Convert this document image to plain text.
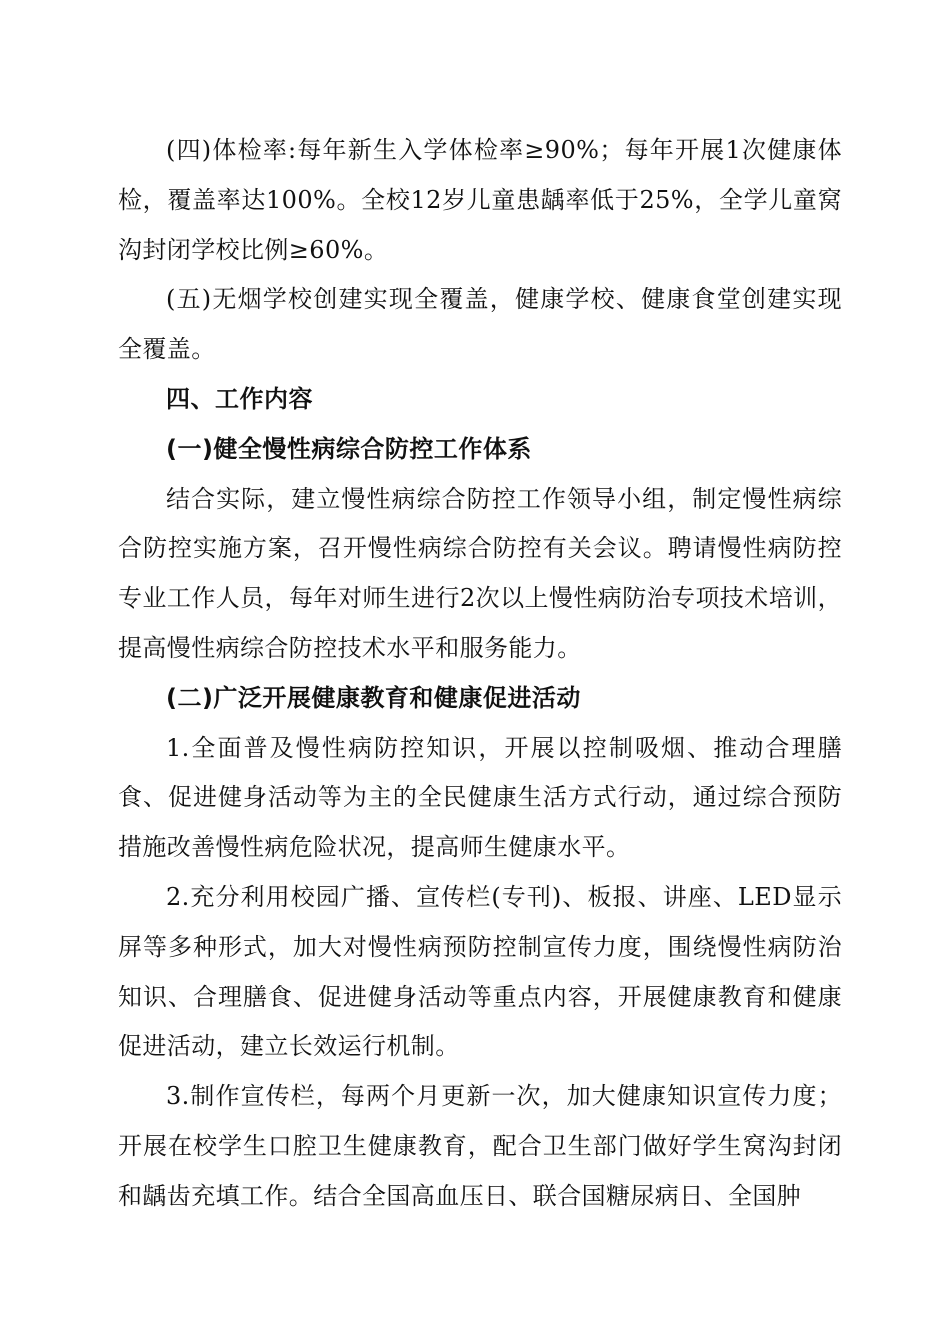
(四)体检率:每年新生入学体检率≥90%；每年开展1次健康体检，覆盖率达100%。全校12岁儿童患龋率低于25%，全学儿童窝沟封闭学校比例≥60%。

(五)无烟学校创建实现全覆盖，健康学校、健康食堂创建实现全覆盖。

四、工作内容

(一)健全慢性病综合防控工作体系

结合实际，建立慢性病综合防控工作领导小组，制定慢性病综合防控实施方案，召开慢性病综合防控有关会议。聘请慢性病防控专业工作人员，每年对师生进行2次以上慢性病防治专项技术培训，提高慢性病综合防控技术水平和服务能力。

(二)广泛开展健康教育和健康促进活动

1.全面普及慢性病防控知识，开展以控制吸烟、推动合理膳食、促进健身活动等为主的全民健康生活方式行动，通过综合预防措施改善慢性病危险状况，提高师生健康水平。

2.充分利用校园广播、宣传栏(专刊)、板报、讲座、LED显示屏等多种形式，加大对慢性病预防控制宣传力度，围绕慢性病防治知识、合理膳食、促进健身活动等重点内容，开展健康教育和健康促进活动，建立长效运行机制。

3.制作宣传栏，每两个月更新一次，加大健康知识宣传力度；开展在校学生口腔卫生健康教育，配合卫生部门做好学生窝沟封闭和龋齿充填工作。结合全国高血压日、联合国糖尿病日、全国肿
